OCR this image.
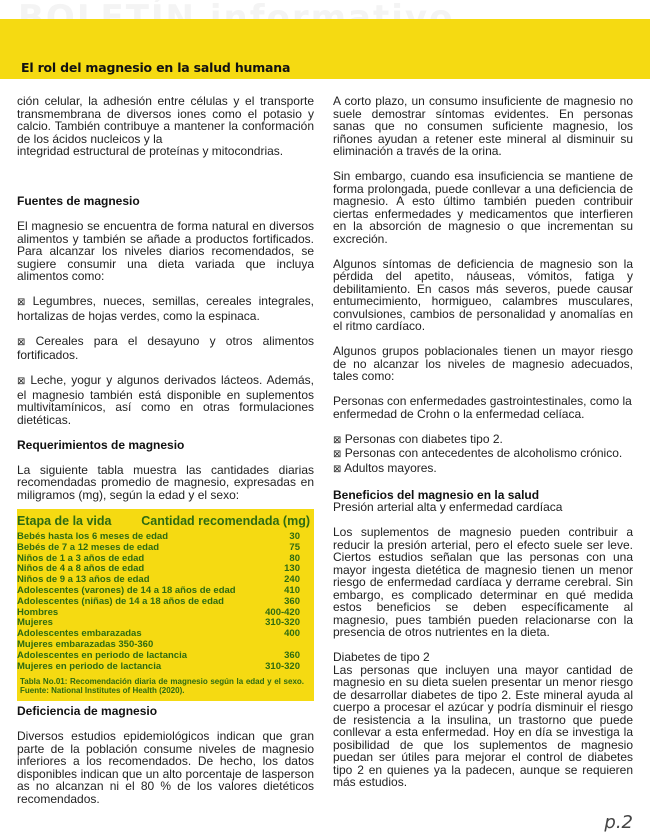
El rol del magnesio en la salud humana

ción celular, la adhesión entre células y el transporte transmembrana de diversos iones como el potasio y calcio. También contribuye a mantener la conformación de los ácidos nucleicos y la

integridad estructural de proteínas y mitocondrias.

Fuentes de magnesio

El magnesio se encuentra de forma natural en diversos alimentos y también se añade a productos fortificados. Para alcanzar los niveles diarios recomendados, se sugiere consumir una dieta variada que incluya alimentos como:

⊠ Legumbres, nueces, semillas, cereales integrales, hortalizas de hojas verdes, como la espinaca.

⊠ Cereales para el desayuno y otros alimentos fortificados.

⊠ Leche, yogur y algunos derivados lácteos. Además, el magnesio también está disponible en suplementos multivitamínicos, así como en otras formulaciones dietéticas.

Requerimientos de magnesio

La siguiente tabla muestra las cantidades diarias recomendadas promedio de magnesio, expresadas en miligramos (mg), según la edad y el sexo:

Etapa de la vida Cantidad recomendada (mg)
Bebés hasta los 6 meses de edad	30
Bebés de 7 a 12 meses de edad	75
Niños de 1 a 3 años de edad	80
Niños de 4 a 8 años de edad	130
Niños de 9 a 13 años de edad	240
Adolescentes (varones) de 14 a 18 años de edad	410
Adolescentes (niñas) de 14 a 18 años de edad	360
Hombres	400-420
Mujeres	310-320
Adolescentes embarazadas	400
Mujeres embarazadas 350-360
Adolescentes en periodo de lactancia	360
Mujeres en periodo de lactancia	310-320
Tabla No.01: Recomendación diaria de magnesio según la edad y el sexo. Fuente: National Institutes of Health (2020).

Deficiencia de magnesio

Diversos estudios epidemiológicos indican que gran parte de la población consume niveles de magnesio inferiores a los recomendados. De hecho, los datos disponibles indican que un alto porcentaje de lasperson as no alcanzan ni el 80 % de los valores dietéticos recomendados.

A corto plazo, un consumo insuficiente de magnesio no suele demostrar síntomas evidentes. En personas sanas que no consumen suficiente magnesio, los riñones ayudan a retener este mineral al disminuir su eliminación a través de la orina.

Sin embargo, cuando esa insuficiencia se mantiene de forma prolongada, puede conllevar a una deficiencia de magnesio. A esto último también pueden contribuir ciertas enfermedades y medicamentos que interfieren en la absorción de magnesio o que incrementan su excreción.

Algunos síntomas de deficiencia de magnesio son la pérdida del apetito, náuseas, vómitos, fatiga y debilitamiento. En casos más severos, puede causar entumecimiento, hormigueo, calambres musculares, convulsiones, cambios de personalidad y anomalías en el ritmo cardíaco.

Algunos grupos poblacionales tienen un mayor riesgo de no alcanzar los niveles de magnesio adecuados, tales como:

Personas con enfermedades gastrointestinales, como la enfermedad de Crohn o la enfermedad celíaca.

⊠ Personas con diabetes tipo 2.

⊠ Personas con antecedentes de alcoholismo crónico.

⊠ Adultos mayores.

Beneficios del magnesio en la salud

Presión arterial alta y enfermedad cardíaca

Los suplementos de magnesio pueden contribuir a reducir la presión arterial, pero el efecto suele ser leve. Ciertos estudios señalan que las personas con una mayor ingesta dietética de magnesio tienen un menor riesgo de enfermedad cardíaca y derrame cerebral. Sin embargo, es complicado determinar en qué medida estos beneficios se deben específicamente al magnesio, pues también pueden relacionarse con la presencia de otros nutrientes en la dieta.

Diabetes de tipo 2

Las personas que incluyen una mayor cantidad de magnesio en su dieta suelen presentar un menor riesgo de desarrollar diabetes de tipo 2. Este mineral ayuda al cuerpo a procesar el azúcar y podría disminuir el riesgo de resistencia a la insulina, un trastorno que puede conllevar a esta enfermedad. Hoy en día se investiga la posibilidad de que los suplementos de magnesio puedan ser útiles para mejorar el control de diabetes tipo 2 en quienes ya la padecen, aunque se requieren más estudios.

p.2
